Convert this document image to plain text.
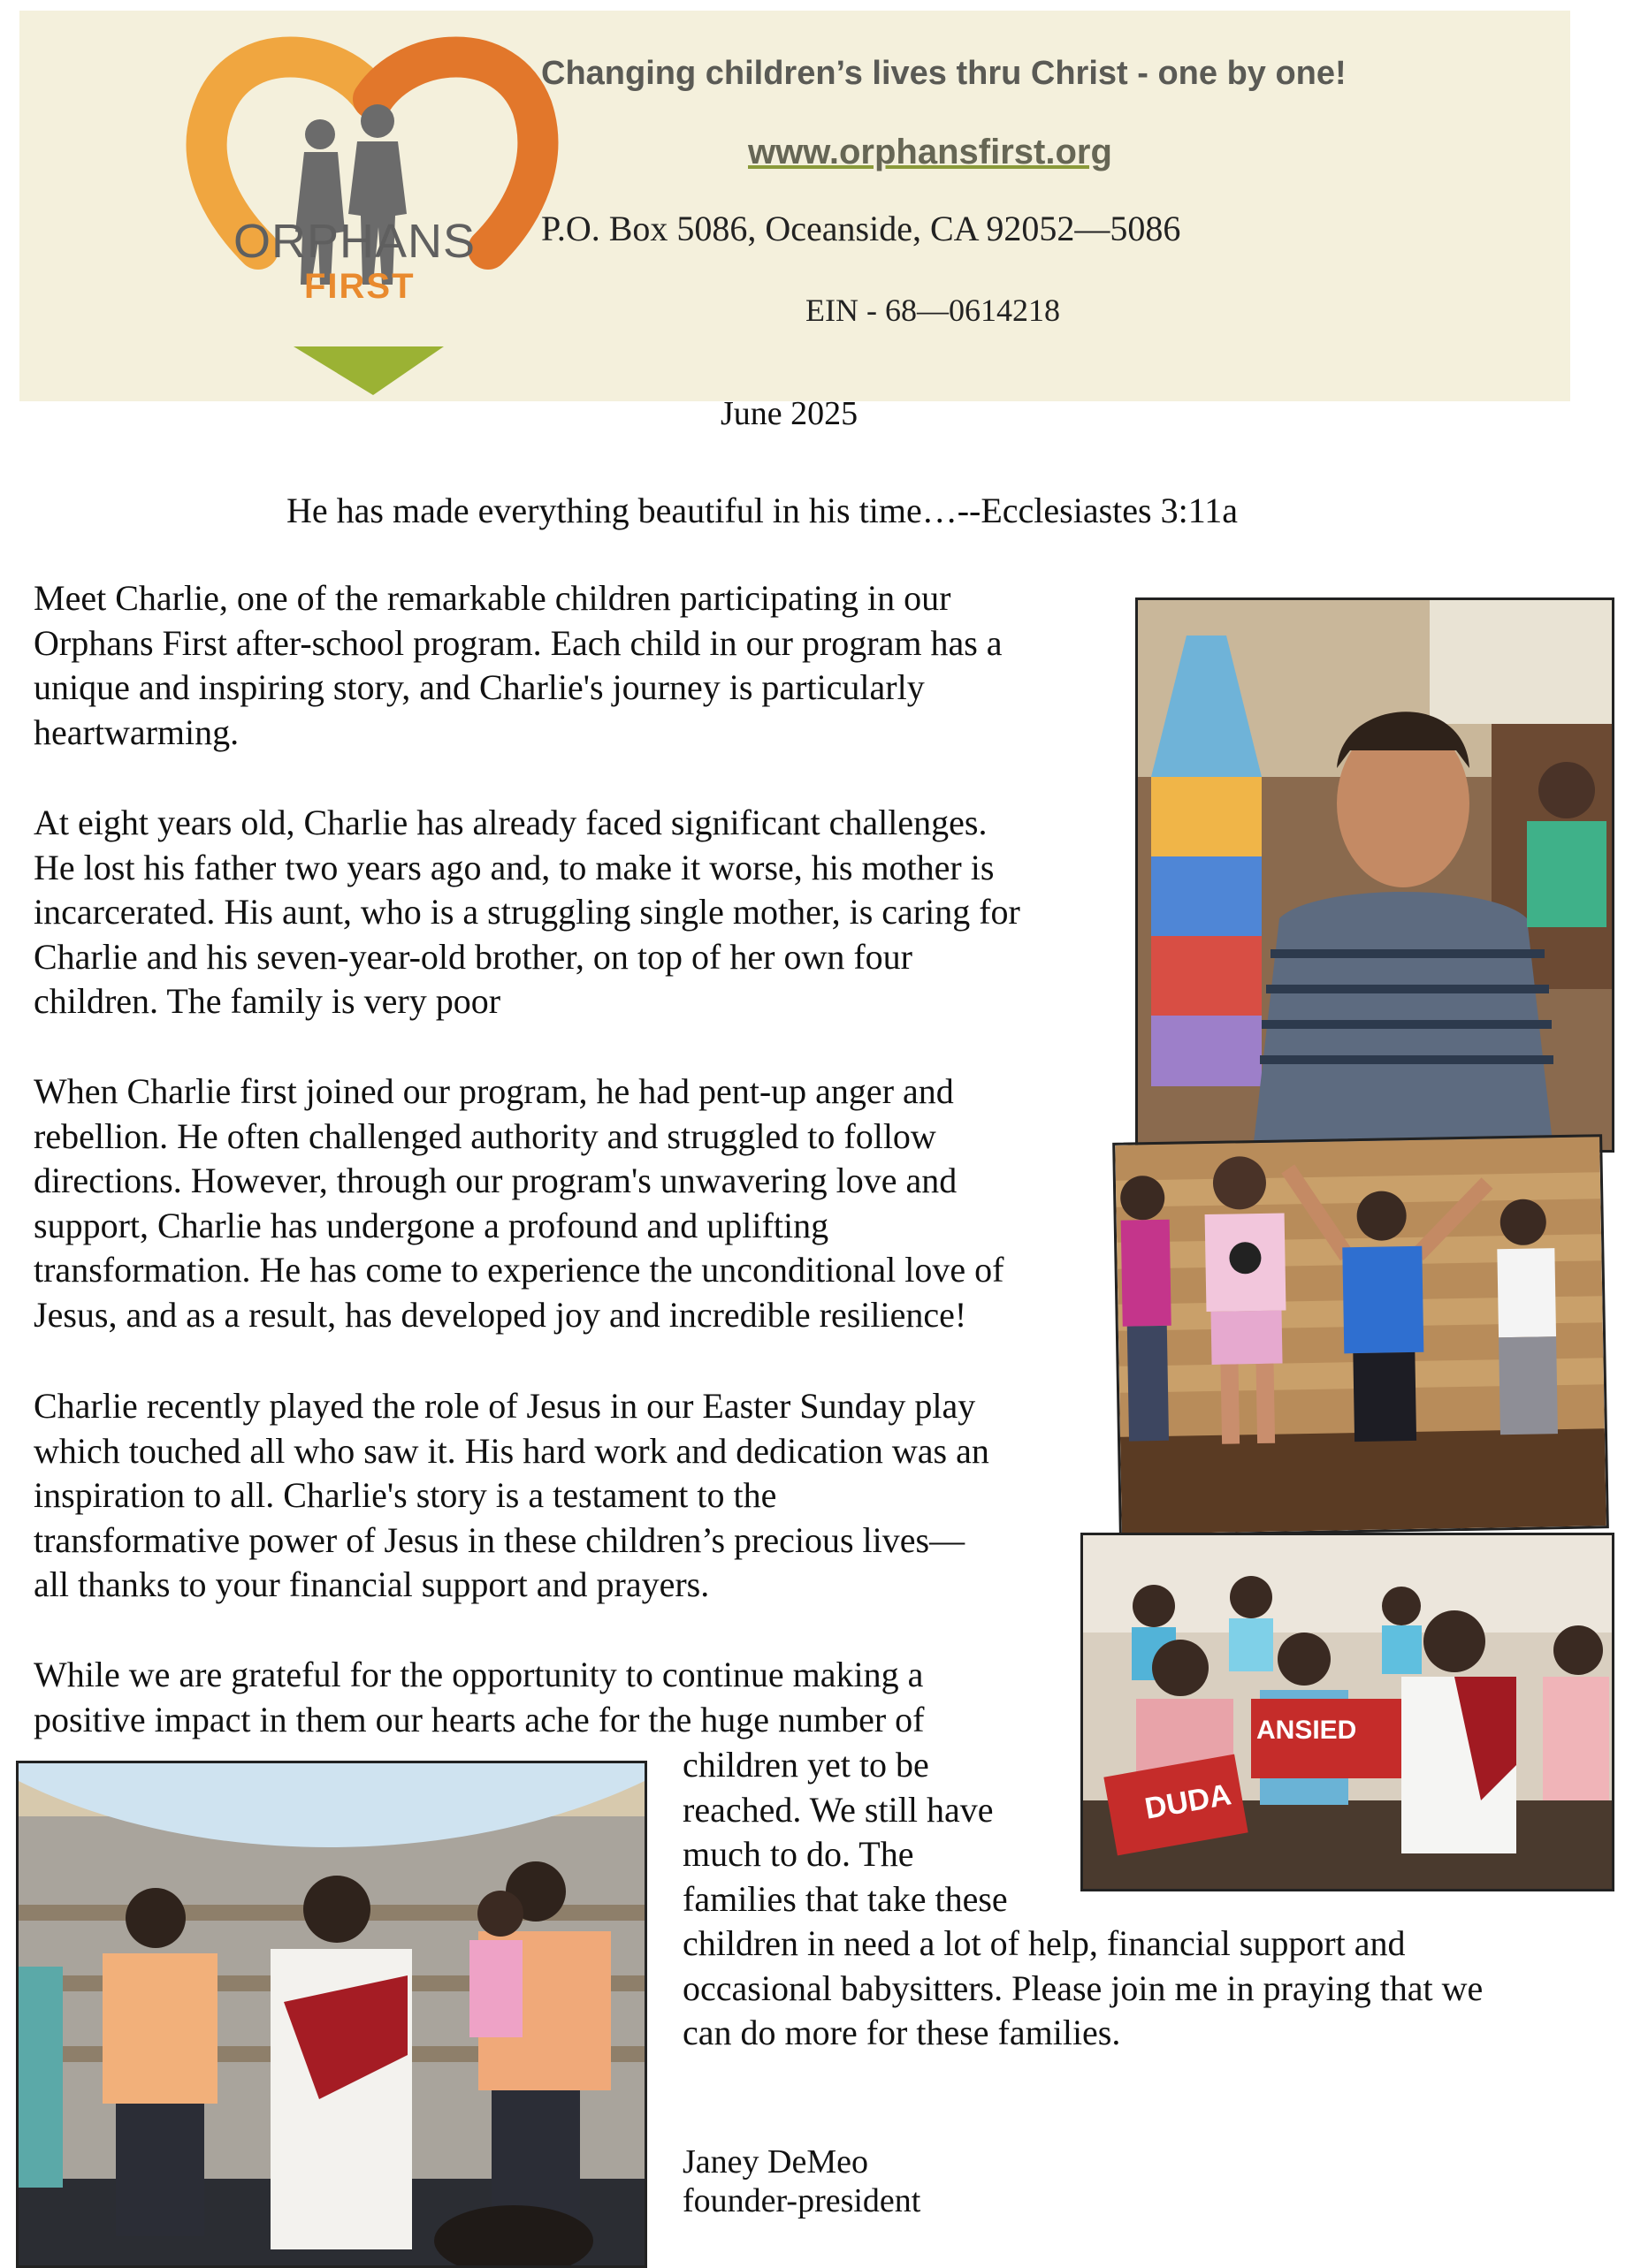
ORPHANS
FIRST
Changing children’s lives thru Christ - one by one!
www.orphansfirst.org
P.O. Box 5086, Oceanside, CA 92052—5086
EIN - 68—0614218
June 2025
He has made everything beautiful in his time…--Ecclesiastes 3:11a
Meet Charlie, one of the remarkable children participating in our
Orphans First after-school program. Each child in our program has a
unique and inspiring story, and Charlie's journey is particularly
heartwarming.
At eight years old, Charlie has already faced significant challenges.
He lost his father two years ago and, to make it worse, his mother is
incarcerated. His aunt, who is a struggling single mother, is caring for
Charlie and his seven-year-old brother, on top of her own four
children. The family is very poor
When Charlie first joined our program, he had pent-up anger and
rebellion. He often challenged authority and struggled to follow
directions. However, through our program's unwavering love and
support, Charlie has undergone a profound and uplifting
transformation. He has come to experience the unconditional love of
Jesus, and as a result, has developed joy and incredible resilience!
Charlie recently played the role of Jesus in our Easter Sunday play
which touched all who saw it. His hard work and dedication was an
inspiration to all. Charlie's story is a testament to the
transformative power of Jesus in these children’s precious lives—
all thanks to your financial support and prayers.
While we are grateful for the opportunity to continue making a
positive impact in them our hearts ache for the huge number of
children yet to be
reached. We still have
much to do. The
families that take these
children in need a lot of help, financial support and
occasional babysitters. Please join me in praying that we
can do more for these families.
Janey DeMeo
founder-president
DUDA
ANSIED
